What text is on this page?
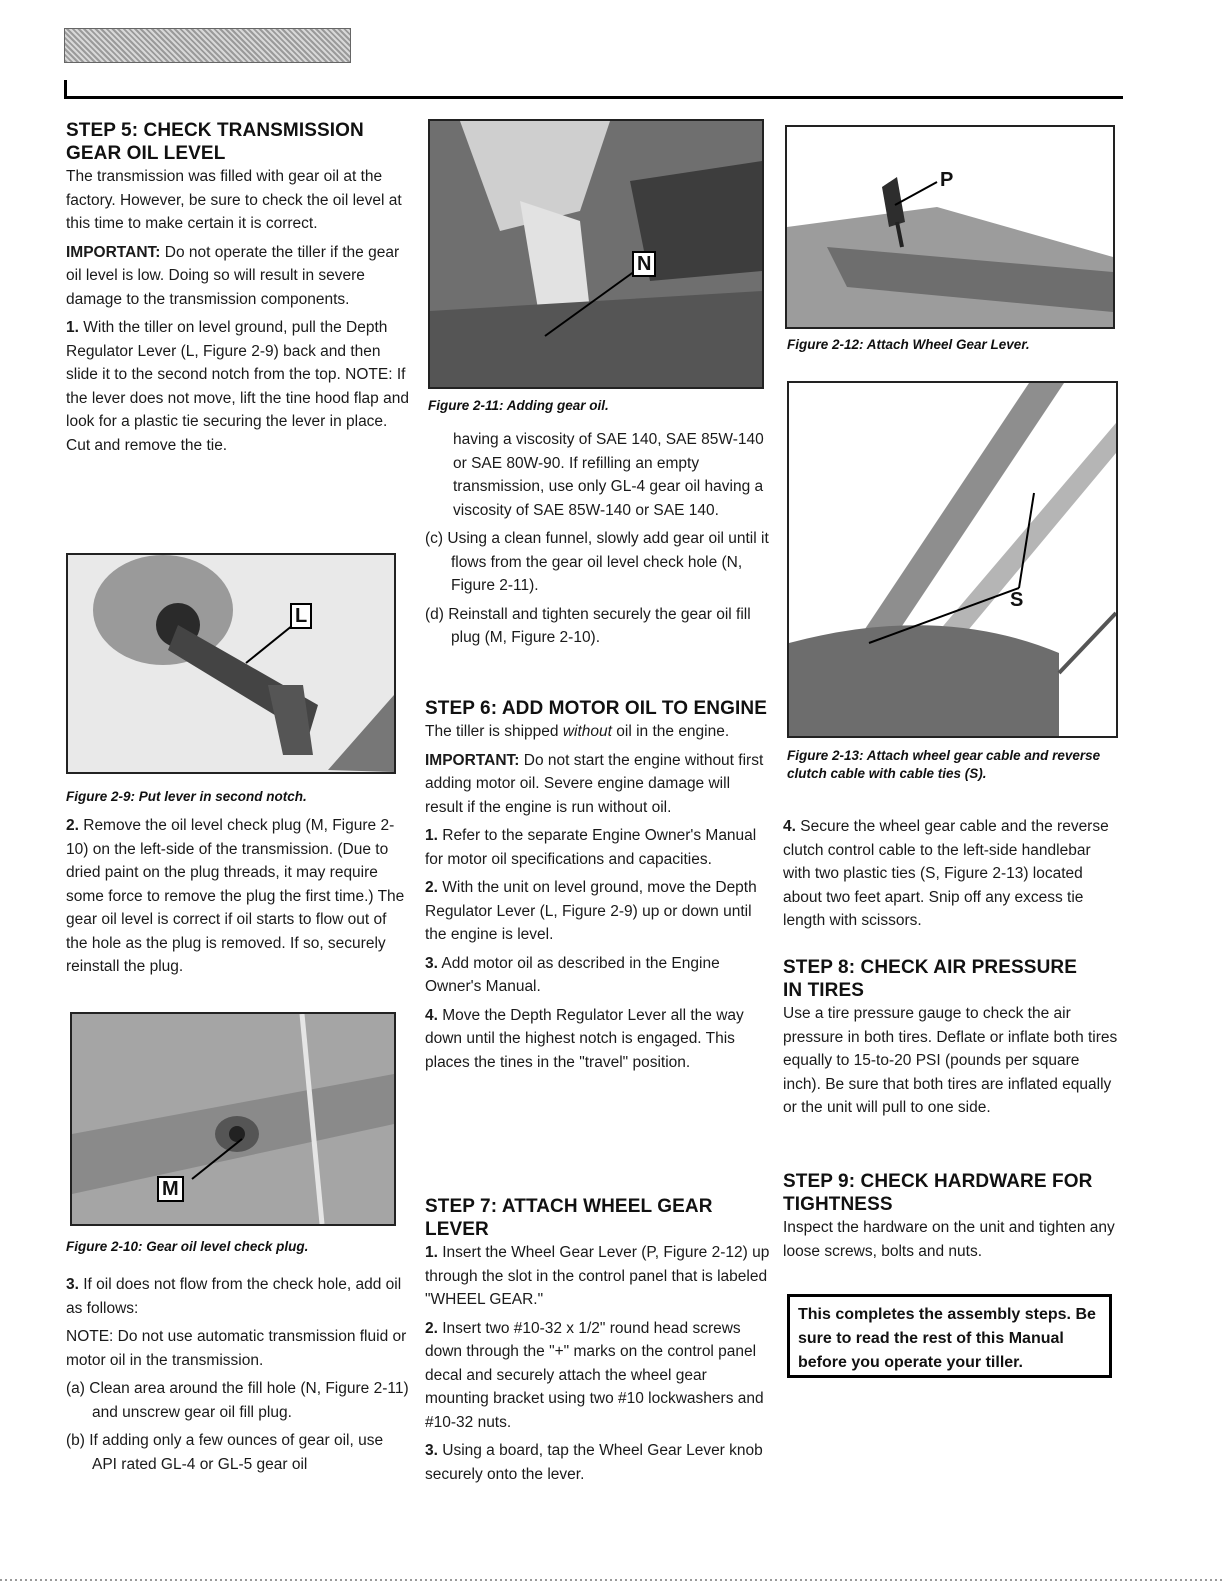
STEP 5: CHECK TRANSMISSION
GEAR OIL LEVEL

The transmission was filled with gear oil at the factory. However, be sure to check the oil level at this time to make certain it is correct.

IMPORTANT: Do not operate the tiller if the gear oil level is low. Doing so will result in severe damage to the transmission components.

1. With the tiller on level ground, pull the Depth Regulator Lever (L, Figure 2-9) back and then slide it to the second notch from the top. NOTE: If the lever does not move, lift the tine hood flap and look for a plastic tie securing the lever in place. Cut and remove the tie.

L

Figure 2-9: Put lever in second notch.

2. Remove the oil level check plug (M, Figure 2-10) on the left-side of the transmission. (Due to dried paint on the plug threads, it may require some force to remove the plug the first time.) The gear oil level is correct if oil starts to flow out of the hole as the plug is removed. If so, securely reinstall the plug.

M

Figure 2-10: Gear oil level check plug.

3. If oil does not flow from the check hole, add oil as follows:

NOTE: Do not use automatic transmission fluid or motor oil in the transmission.

(a) Clean area around the fill hole (N, Figure 2-11) and unscrew gear oil fill plug.

(b) If adding only a few ounces of gear oil, use API rated GL-4 or GL-5 gear oil

N

Figure 2-11: Adding gear oil.

having a viscosity of SAE 140, SAE 85W-140 or SAE 80W-90. If refilling an empty transmission, use only GL-4 gear oil having a viscosity of SAE 85W-140 or SAE 140.

(c) Using a clean funnel, slowly add gear oil until it flows from the gear oil level check hole (N, Figure 2-11).

(d) Reinstall and tighten securely the gear oil fill plug (M, Figure 2-10).

STEP 6: ADD MOTOR OIL TO ENGINE

The tiller is shipped without oil in the engine.

IMPORTANT: Do not start the engine without first adding motor oil. Severe engine damage will result if the engine is run without oil.

1. Refer to the separate Engine Owner's Manual for motor oil specifications and capacities.

2. With the unit on level ground, move the Depth Regulator Lever (L, Figure 2-9) up or down until the engine is level.

3. Add motor oil as described in the Engine Owner's Manual.

4. Move the Depth Regulator Lever all the way down until the highest notch is engaged. This places the tines in the "travel" position.

STEP 7: ATTACH WHEEL GEAR LEVER

1. Insert the Wheel Gear Lever (P, Figure 2-12) up through the slot in the control panel that is labeled "WHEEL GEAR."

2. Insert two #10-32 x 1/2" round head screws down through the "+" marks on the control panel decal and securely attach the wheel gear mounting bracket using two #10 lockwashers and #10-32 nuts.

3. Using a board, tap the Wheel Gear Lever knob securely onto the lever.

P

Figure 2-12: Attach Wheel Gear Lever.

S

Figure 2-13: Attach wheel gear cable and reverse clutch cable with cable ties (S).

4. Secure the wheel gear cable and the reverse clutch control cable to the left-side handlebar with two plastic ties (S, Figure 2-13) located about two feet apart. Snip off any excess tie length with scissors.

STEP 8: CHECK AIR PRESSURE
IN TIRES

Use a tire pressure gauge to check the air pressure in both tires. Deflate or inflate both tires equally to 15-to-20 PSI (pounds per square inch). Be sure that both tires are inflated equally or the unit will pull to one side.

STEP 9: CHECK HARDWARE FOR
TIGHTNESS

Inspect the hardware on the unit and tighten any loose screws, bolts and nuts.

This completes the assembly steps. Be sure to read the rest of this Manual before you operate your tiller.
